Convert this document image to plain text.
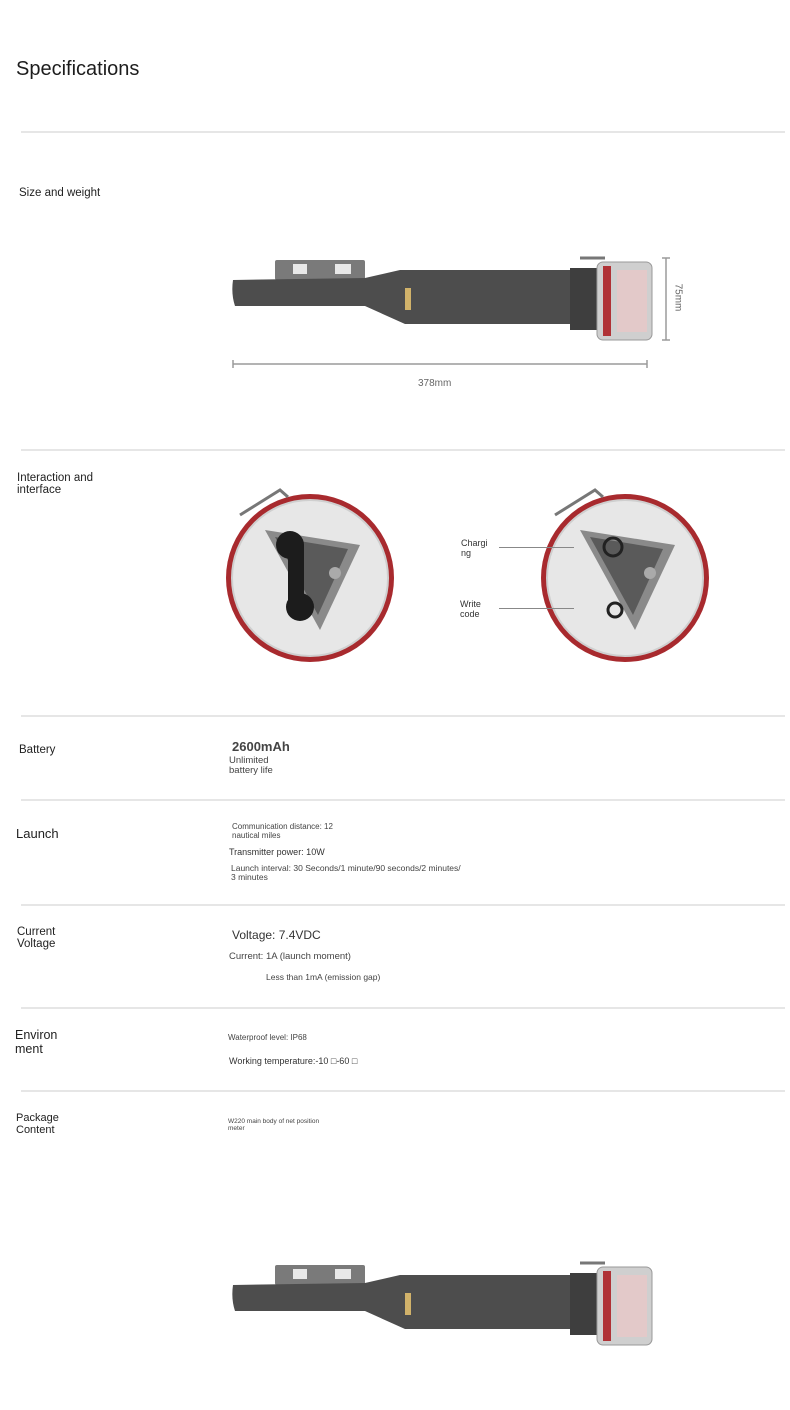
Specifications
Size and weight
378mm
75mm
Interaction and
interface
Chargi
ng
Write
code
Battery	2600mAh
Unlimited
battery life
Launch	Communication distance: 12
nautical miles
Transmitter power: 10W
Launch interval: 30 Seconds/1 minute/90 seconds/2 minutes/
3 minutes
Current
Voltage
Voltage: 7.4VDC
Current: 1A (launch moment)
Less than 1mA (emission gap)
Environ
ment
Waterproof level: IP68
Working temperature:-10 □-60 □
Package
Content
W220 main body of net position
meter
